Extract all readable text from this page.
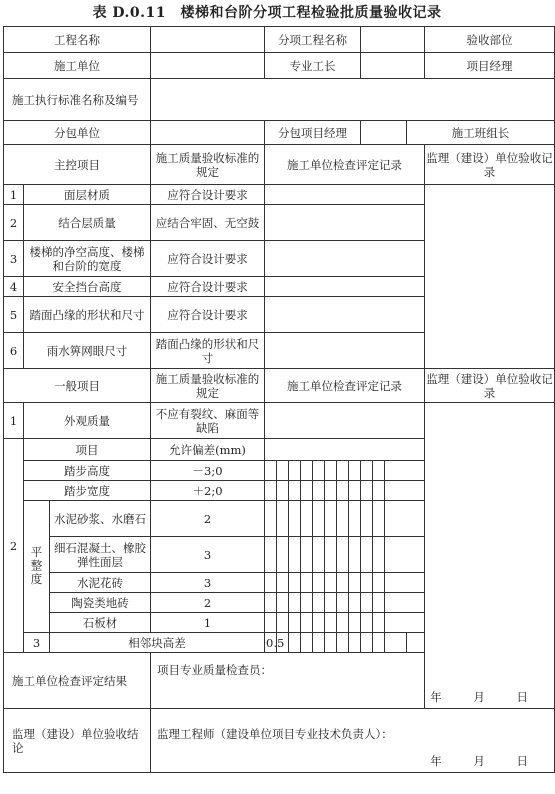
表 D.0.11　楼梯和台阶分项工程检验批质量验收记录
工程名称				分项工程名称												验收部位
施工单位				专业工长												项目经理
施工执行标准名称及编号																
分包单位				分包项目经理											施工班组长	
主控项目			施工质量验收标准的规定	施工单位检查评定记录												监理（建设）单位验收记录
1	面层材质		应符合设计要求													
2	结合层质量		应结合牢固、无空鼓													
3	楼梯的净空高度、楼梯和台阶的宽度		应符合设计要求													
4	安全挡台高度		应符合设计要求													
5	踏面凸缘的形状和尺寸		应符合设计要求													
6	雨水箅网眼尺寸		踏面凸缘的形状和尺寸													
一般项目			施工质量验收标准的规定	施工单位检查评定记录												监理（建设）单位验收记录
1	外观质量		不应有裂纹、麻面等缺陷													
2	项目		允许偏差(mm)													
	踏步高度		－3;0													
	踏步宽度		＋2;0													
	平整度	水泥砂浆、水磨石	2													
		细石混凝土、橡胶弹性面层	3													
		水泥花砖	3													
		陶瓷类地砖	2													
		石板材	1													
	3	相邻块高差		0.5												
施工单位检查评定结果			项目专业质量检查员：
年 月 日													

监理（建设）单位验收结论			监理工程师（建设单位项目专业技术负责人）：
年 月 日													
